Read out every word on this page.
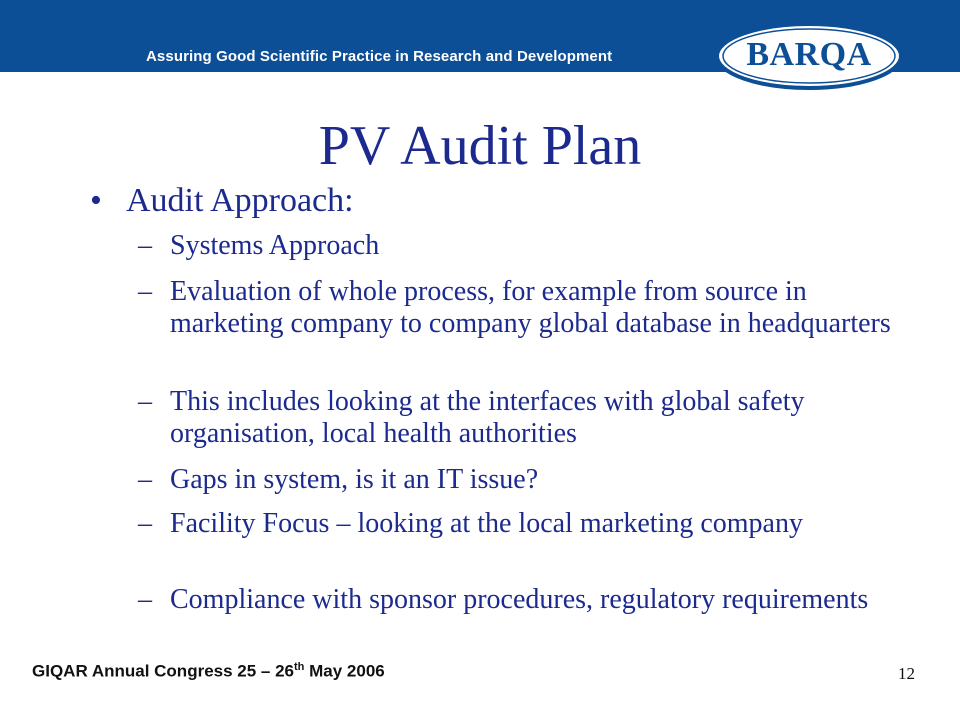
Assuring Good Scientific Practice in Research and Development	BARQA
PV Audit Plan
• Audit Approach:
– Systems Approach
– Evaluation of whole process, for example from source in marketing company to company global database in headquarters
– This includes looking at the interfaces with global safety organisation, local health authorities
– Gaps in system, is it an IT issue?
– Facility Focus – looking at the local marketing company
– Compliance with sponsor procedures, regulatory requirements
GIQAR Annual Congress 25 – 26th May 2006	12
